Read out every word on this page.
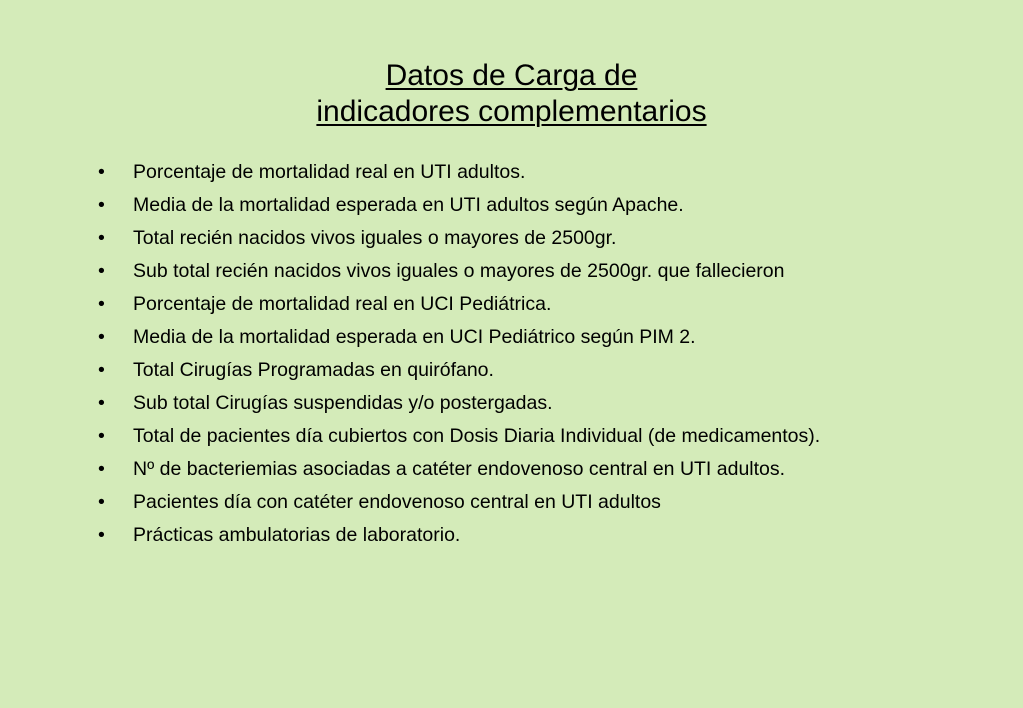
Datos de Carga de
indicadores complementarios
•	Porcentaje de mortalidad real en UTI adultos.
•	Media de la mortalidad esperada en UTI adultos según Apache.
•	Total recién nacidos vivos iguales o mayores de 2500gr.
•	Sub total recién nacidos vivos iguales o mayores de 2500gr. que fallecieron
•	Porcentaje de mortalidad real en UCI Pediátrica.
•	Media de la mortalidad esperada en UCI Pediátrico según PIM 2.
•	Total Cirugías Programadas en quirófano.
•	Sub total Cirugías suspendidas y/o postergadas.
•	Total de pacientes día cubiertos con Dosis Diaria Individual (de medicamentos).
•	Nº de bacteriemias asociadas a catéter endovenoso central en UTI adultos.
•	Pacientes día con catéter endovenoso central en UTI adultos
•	Prácticas ambulatorias de laboratorio.
